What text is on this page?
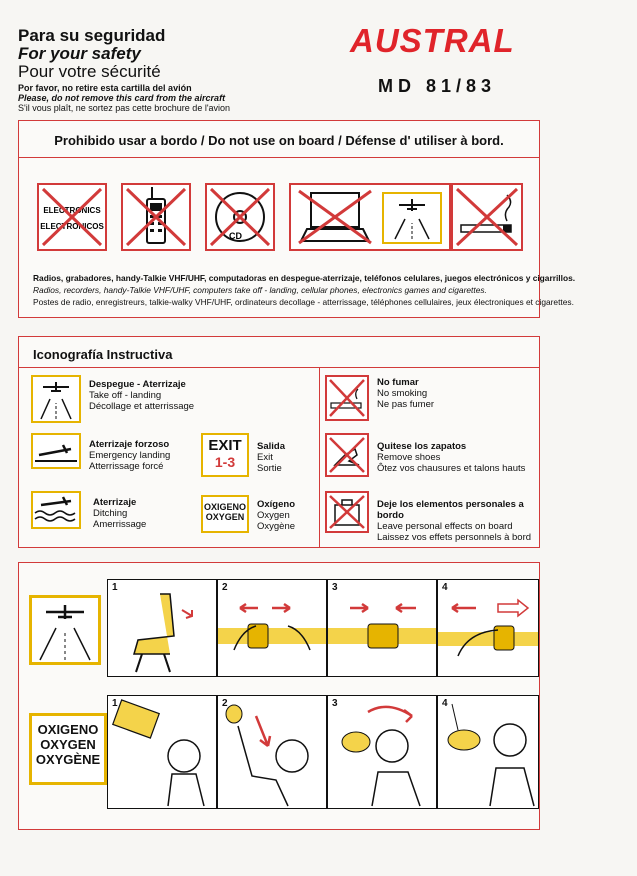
Para su seguridad
For your safety
Pour votre sécurité
Por favor, no retire esta cartilla del avión
Please, do not remove this card from the aircraft
S'il vous plaît, ne sortez pas cette brochure de l'avion
AUSTRAL
MD 81/83
Prohibido usar a bordo / Do not use on board / Défense d' utiliser à bord.
ELECTRONICS
ELECTRONICOS
CD
Radios, grabadores, handy-Talkie VHF/UHF, computadoras en despegue-aterrizaje, teléfonos celulares, juegos electrónicos y cigarrillos.
Radios, recorders, handy-Talkie VHF/UHF, computers take off - landing, cellular phones, electronics games and cigarettes.
Postes de radio, enregistreurs, talkie-walky VHF/UHF, ordinateurs decollage - atterrissage, téléphones cellulaires, jeux électroniques et cigarettes.
Iconografía Instructiva
Despegue - Aterrizaje
Take off - landing
Décollage et atterrissage
Aterrizaje forzoso
Emergency landing
Atterrissage forcé
Aterrizaje
Ditching
Amerrissage
EXIT
1-3
Salida
Exit
Sortie
OXIGENO
OXYGEN
Oxígeno
Oxygen
Oxygène
No fumar
No smoking
Ne pas fumer
Quitese los zapatos
Remove shoes
Ôtez vos chausures et talons hauts
Deje los elementos personales a bordo
Leave personal effects on board
Laissez vos effets personnels à bord
1	2	3	4
OXIGENO
OXYGEN
OXYGÈNE
1	2	3	4
